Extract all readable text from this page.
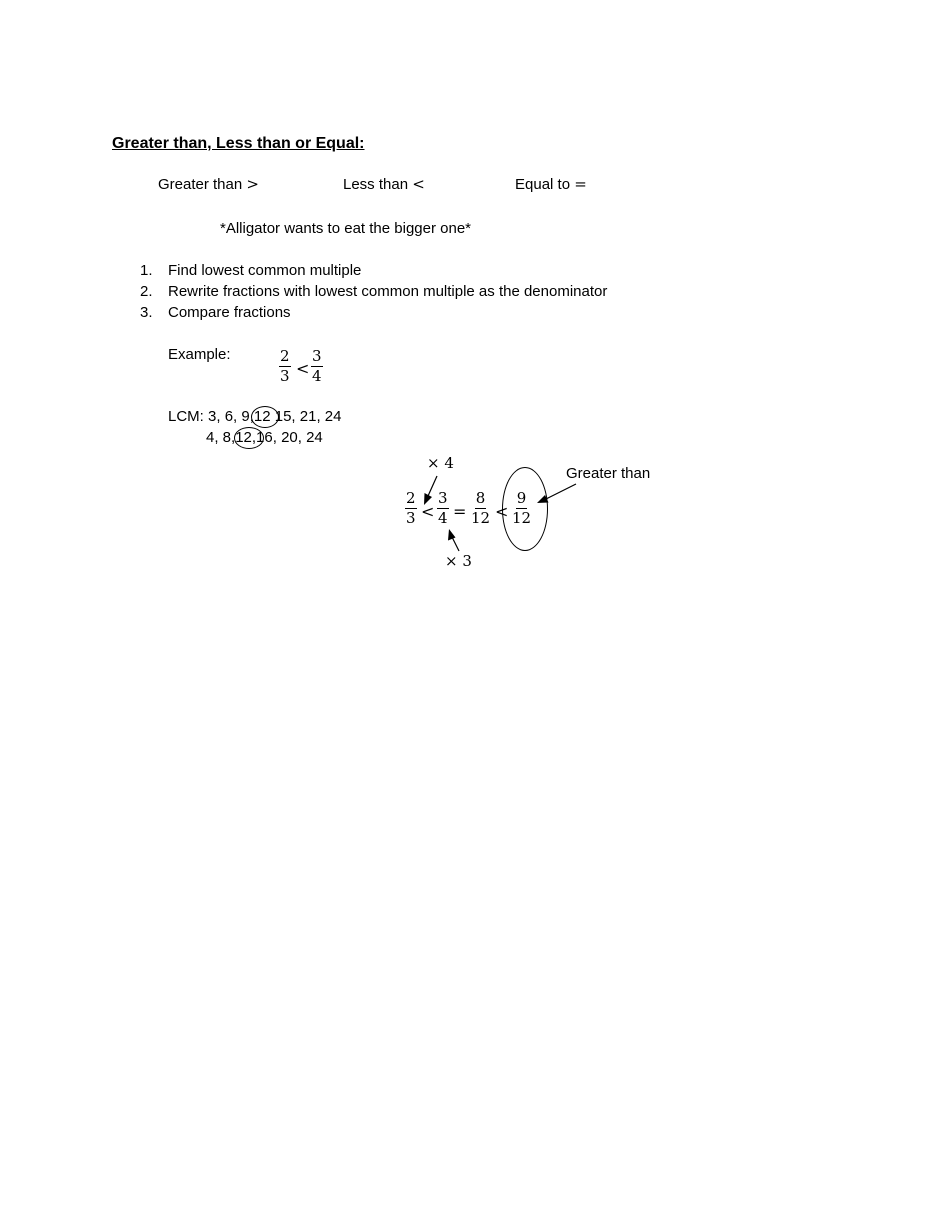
Greater than, Less than or Equal:
Greater than >	Less than <	Equal to =
*Alligator wants to eat the bigger one*
1. Find lowest common multiple
2. Rewrite fractions with lowest common multiple as the denominator
3. Compare fractions
Example:	$\frac{2}{3} < \frac{3}{4}$
LCM: 3, 6, 9,12 15, 21, 24
4, 8,12,16, 20, 24
× 4
× 3
$\frac{2}{3} < \frac{3}{4} = \frac{8}{12} < \frac{9}{12}$
Greater than
